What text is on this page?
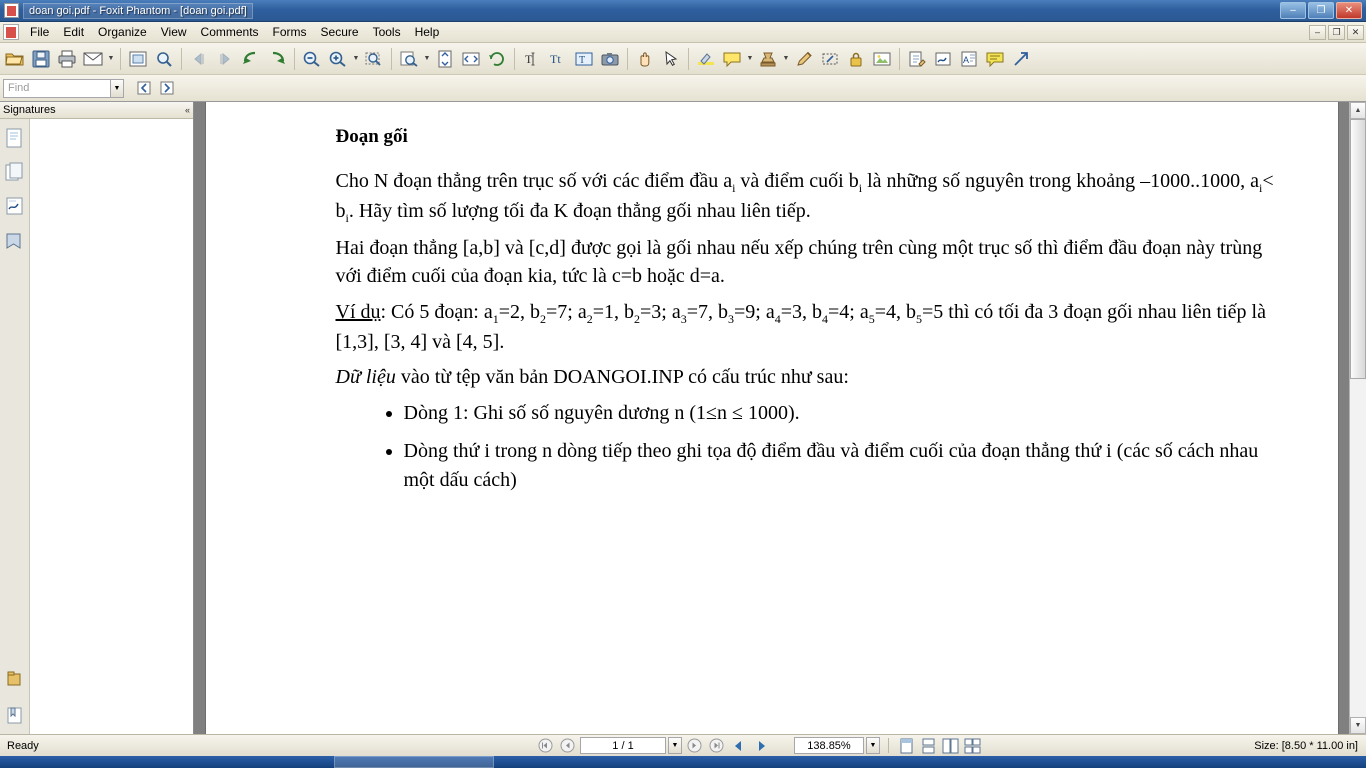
doan goi.pdf - Foxit Phantom - [doan goi.pdf]	–	❐	✕
File	Edit	Organize	View	Comments	Forms	Secure	Tools	Help	–	❐	✕
▼	▼	▼	T Tt T	▼	▼	A
Find	▼
Signatures	«

Đoạn gối

Cho N đoạn thẳng trên trục số với các điểm đầu $a_i$ và điểm cuối $b_i$ là những số nguyên trong khoảng –1000..1000, $a_i< b_i$. Hãy tìm số lượng tối đa K đoạn thẳng gối nhau liên tiếp.

Hai đoạn thẳng [a,b] và [c,d] được gọi là gối nhau nếu xếp chúng trên cùng một trục số thì điểm đầu đoạn này trùng với điểm cuối của đoạn kia, tức là c=b hoặc d=a.

Ví dụ: Có 5 đoạn: $a_1=2$, $b_2=7$; $a_2=1$, $b_2=3$; $a_3=7$, $b_3=9$; $a_4=3$, $b_4=4$; $a_5=4$, $b_5=5$ thì có tối đa 3 đoạn gối nhau liên tiếp là [1,3], [3, 4] và [4, 5].

Dữ liệu vào từ tệp văn bản DOANGOI.INP có cấu trúc như sau:

• Dòng 1: Ghi số số nguyên dương n (1≤n ≤ 1000).
• Dòng thứ i trong n dòng tiếp theo ghi tọa độ điểm đầu và điểm cuối của đoạn thẳng thứ i (các số cách nhau một dấu cách)
▲
▼
Ready	1 / 1	▼	138.85%	▼	Size: [8.50 * 11.00 in]
